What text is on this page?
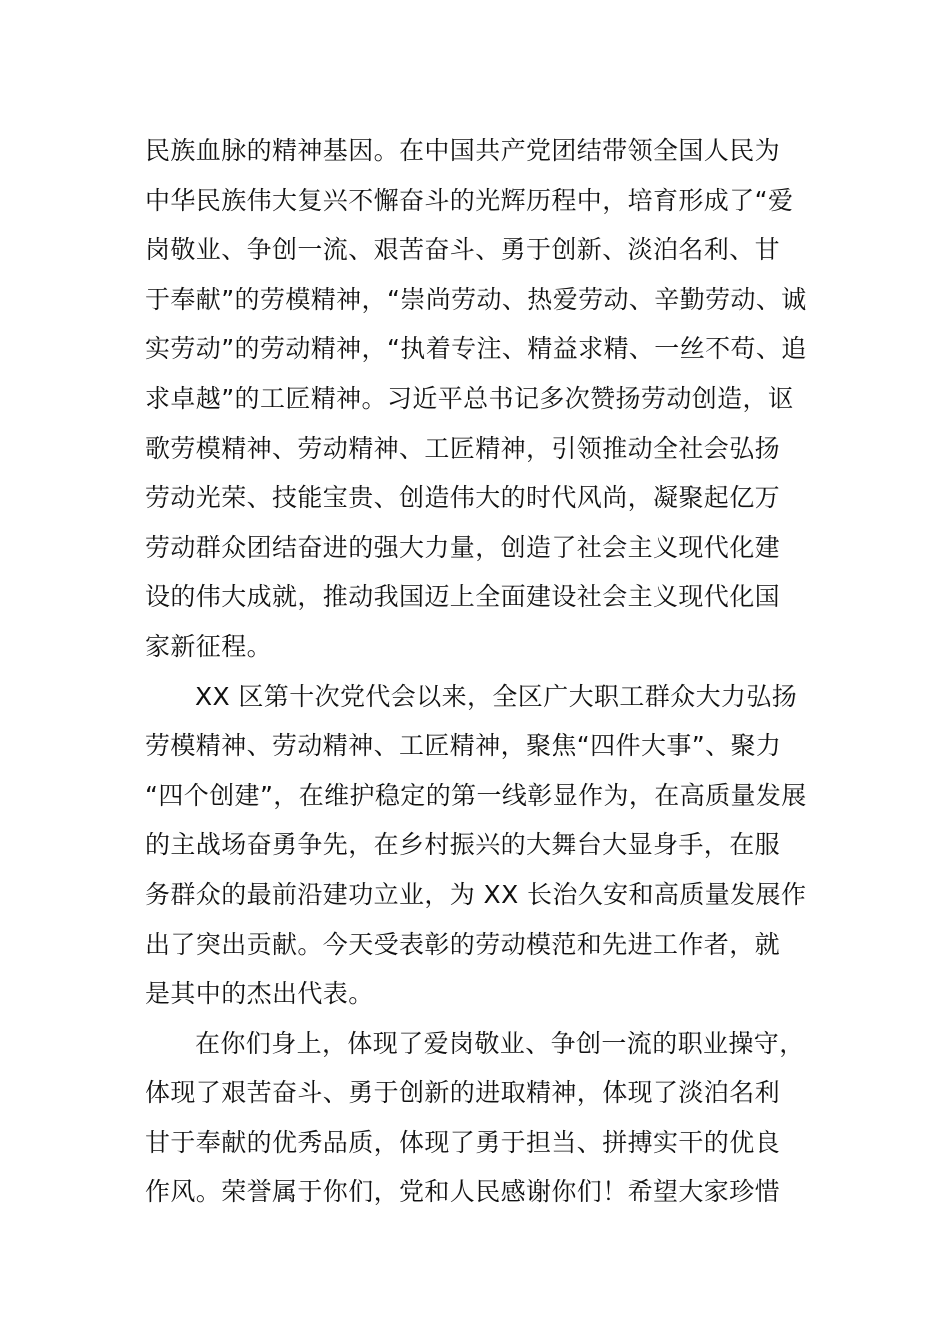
民族血脉的精神基因。在中国共产党团结带领全国人民为
中华民族伟大复兴不懈奋斗的光辉历程中，培育形成了“爱
岗敬业、争创一流、艰苦奋斗、勇于创新、淡泊名利、甘
于奉献”的劳模精神，“崇尚劳动、热爱劳动、辛勤劳动、诚
实劳动”的劳动精神，“执着专注、精益求精、一丝不苟、追
求卓越”的工匠精神。习近平总书记多次赞扬劳动创造，讴
歌劳模精神、劳动精神、工匠精神，引领推动全社会弘扬
劳动光荣、技能宝贵、创造伟大的时代风尚，凝聚起亿万
劳动群众团结奋进的强大力量，创造了社会主义现代化建
设的伟大成就，推动我国迈上全面建设社会主义现代化国
家新征程。
XX 区第十次党代会以来，全区广大职工群众大力弘扬
劳模精神、劳动精神、工匠精神，聚焦“四件大事”、聚力
“四个创建”，在维护稳定的第一线彰显作为，在高质量发展
的主战场奋勇争先，在乡村振兴的大舞台大显身手，在服
务群众的最前沿建功立业，为 XX 长治久安和高质量发展作
出了突出贡献。今天受表彰的劳动模范和先进工作者，就
是其中的杰出代表。
在你们身上，体现了爱岗敬业、争创一流的职业操守，
体现了艰苦奋斗、勇于创新的进取精神，体现了淡泊名利
甘于奉献的优秀品质，体现了勇于担当、拼搏实干的优良
作风。荣誉属于你们，党和人民感谢你们！希望大家珍惜
